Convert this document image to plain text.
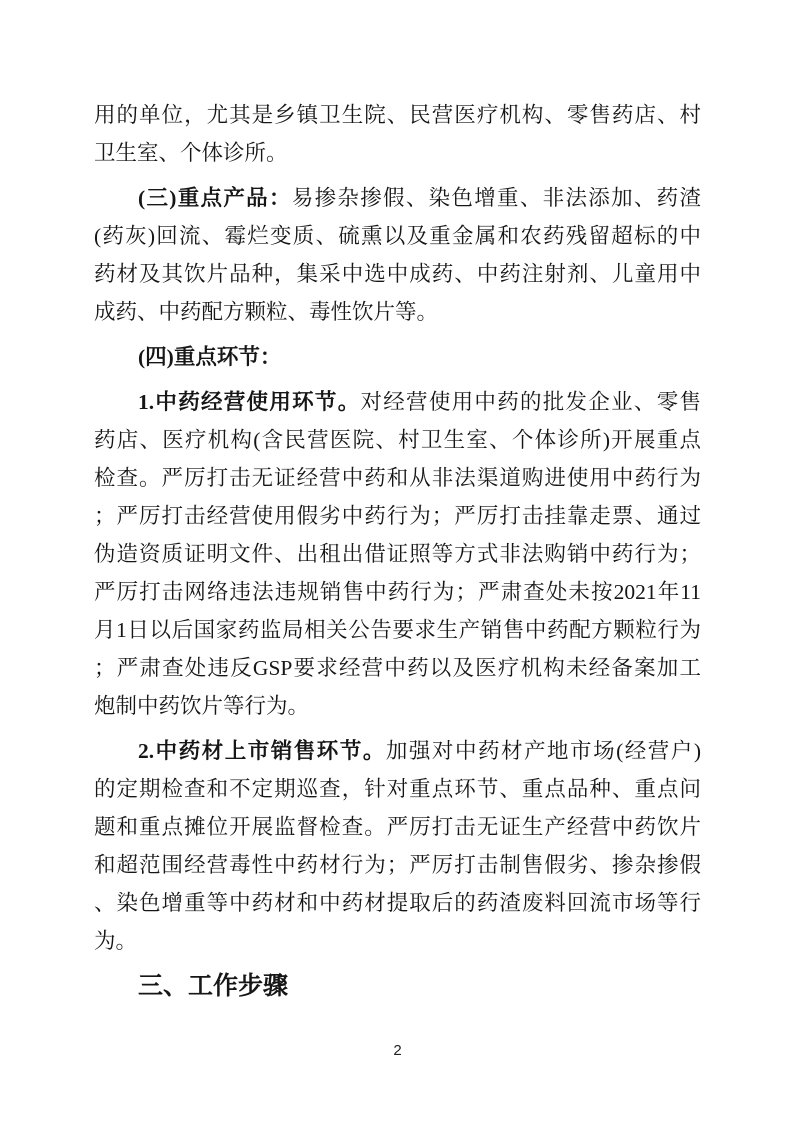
用的单位，尤其是乡镇卫生院、民营医疗机构、零售药店、村
卫生室、个体诊所。
(三)重点产品：易掺杂掺假、染色增重、非法添加、药渣
(药灰)回流、霉烂变质、硫熏以及重金属和农药残留超标的中
药材及其饮片品种，集采中选中成药、中药注射剂、儿童用中
成药、中药配方颗粒、毒性饮片等。
(四)重点环节：
1.中药经营使用环节。对经营使用中药的批发企业、零售
药店、医疗机构(含民营医院、村卫生室、个体诊所)开展重点
检查。严厉打击无证经营中药和从非法渠道购进使用中药行为
；严厉打击经营使用假劣中药行为；严厉打击挂靠走票、通过
伪造资质证明文件、出租出借证照等方式非法购销中药行为；
严厉打击网络违法违规销售中药行为；严肃查处未按2021年11
月1日以后国家药监局相关公告要求生产销售中药配方颗粒行为
；严肃查处违反GSP要求经营中药以及医疗机构未经备案加工
炮制中药饮片等行为。
2.中药材上市销售环节。加强对中药材产地市场(经营户)
的定期检查和不定期巡查，针对重点环节、重点品种、重点问
题和重点摊位开展监督检查。严厉打击无证生产经营中药饮片
和超范围经营毒性中药材行为；严厉打击制售假劣、掺杂掺假
、染色增重等中药材和中药材提取后的药渣废料回流市场等行
为。
三、工作步骤
2
